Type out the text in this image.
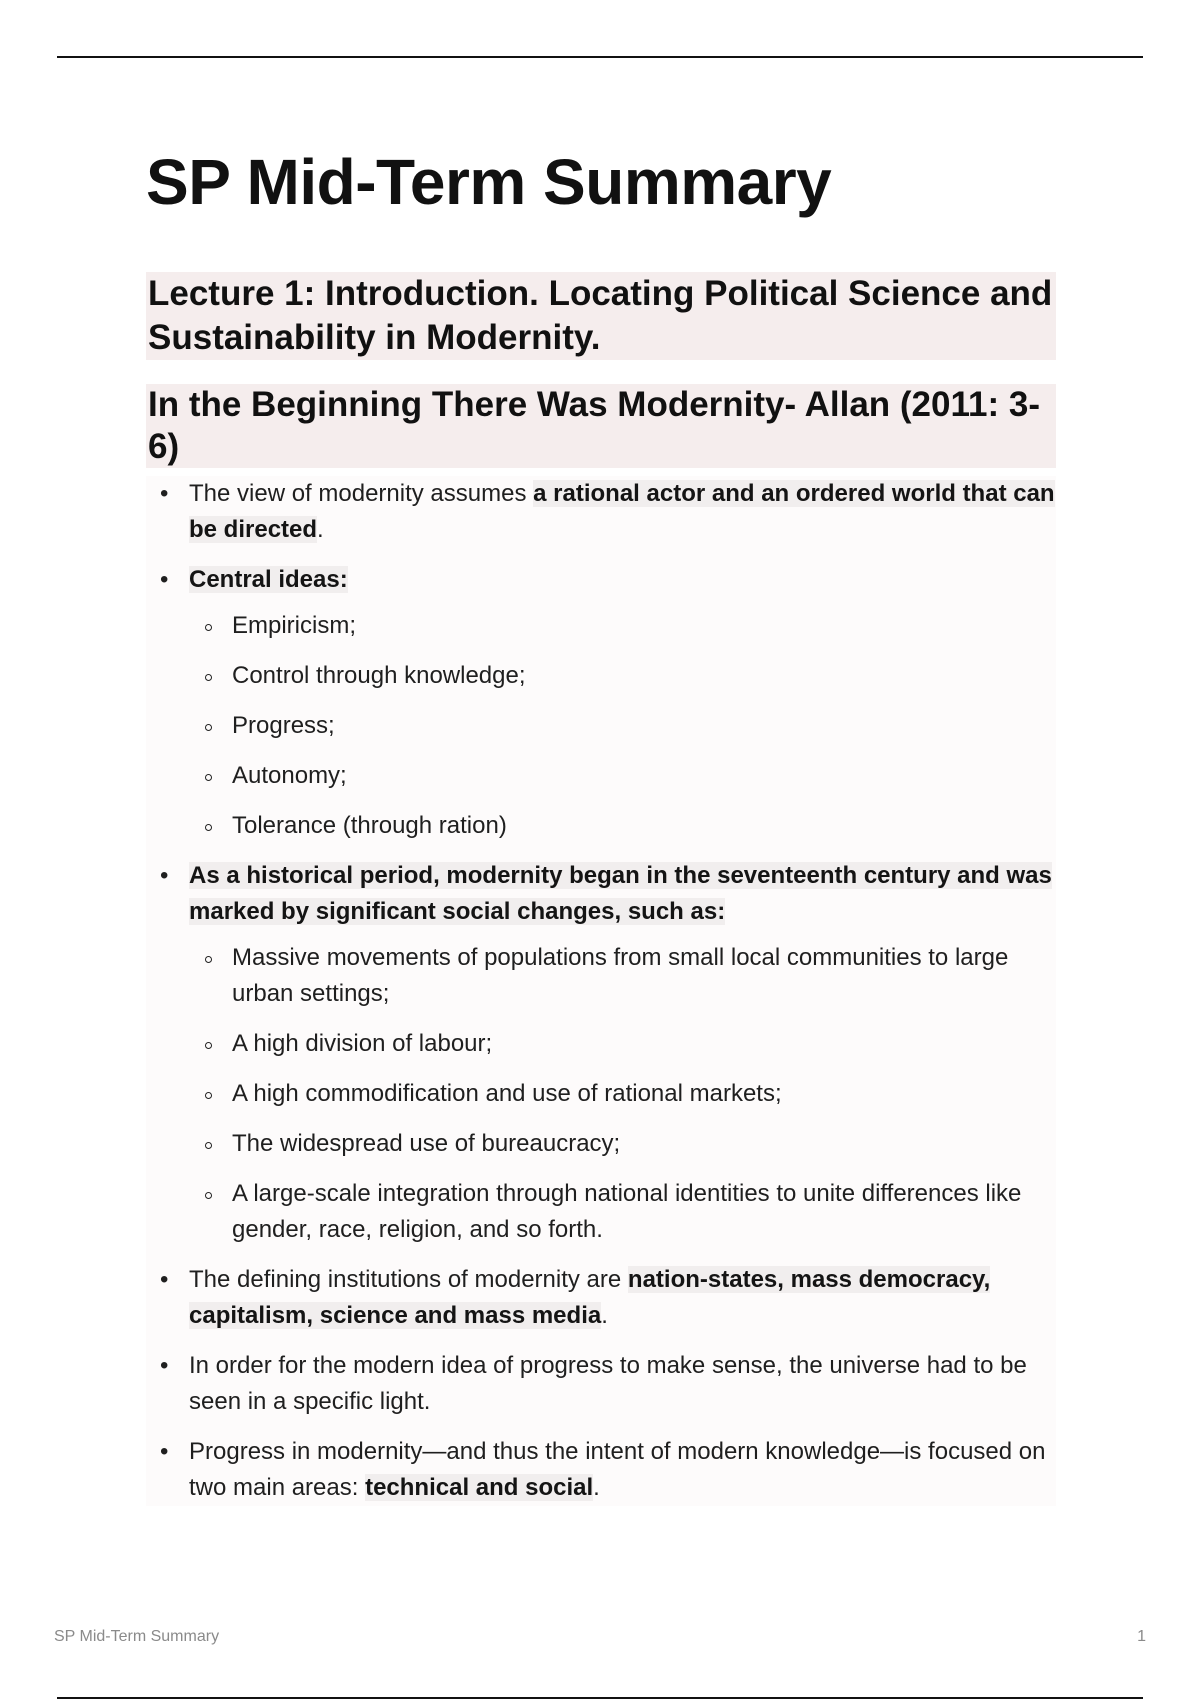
SP Mid-Term Summary
Lecture 1: Introduction. Locating Political Science and Sustainability in Modernity.
In the Beginning There Was Modernity- Allan (2011: 3-6)
• The view of modernity assumes a rational actor and an ordered world that can be directed.
• Central ideas:
Empiricism;
Control through knowledge;
Progress;
Autonomy;
Tolerance (through ration)
• As a historical period, modernity began in the seventeenth century and was marked by significant social changes, such as:
Massive movements of populations from small local communities to large urban settings;
A high division of labour;
A high commodification and use of rational markets;
The widespread use of bureaucracy;
A large-scale integration through national identities to unite differences like gender, race, religion, and so forth.
• The defining institutions of modernity are nation-states, mass democracy, capitalism, science and mass media.
• In order for the modern idea of progress to make sense, the universe had to be seen in a specific light.
• Progress in modernity—and thus the intent of modern knowledge—is focused on two main areas: technical and social.
SP Mid-Term Summary	1
